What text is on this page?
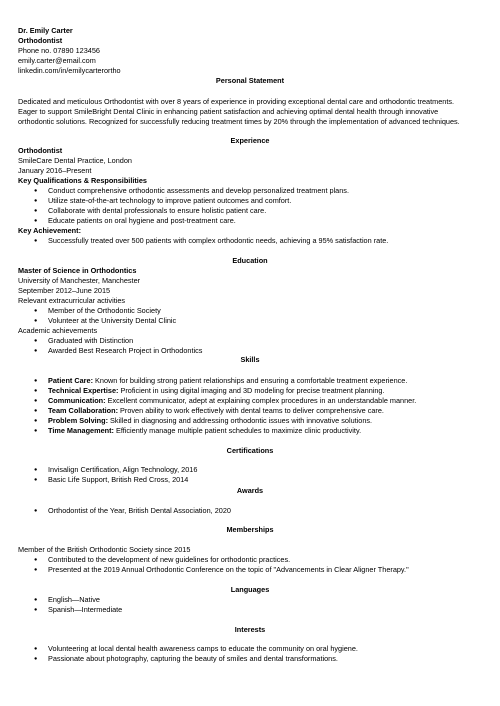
Dr. Emily Carter
Orthodontist
Phone no. 07890 123456
emily.carter@email.com
linkedin.com/in/emilycarterortho
Personal Statement
Dedicated and meticulous Orthodontist with over 8 years of experience in providing exceptional dental care and orthodontic treatments.
Eager to support SmileBright Dental Clinic in enhancing patient satisfaction and achieving optimal dental health through innovative
orthodontic solutions. Recognized for successfully reducing treatment times by 20% through the implementation of advanced techniques.
Experience
Orthodontist
SmileCare Dental Practice, London
January 2016–Present
Key Qualifications & Responsibilities
● Conduct comprehensive orthodontic assessments and develop personalized treatment plans.
● Utilize state-of-the-art technology to improve patient outcomes and comfort.
● Collaborate with dental professionals to ensure holistic patient care.
● Educate patients on oral hygiene and post-treatment care.
Key Achievement:
● Successfully treated over 500 patients with complex orthodontic needs, achieving a 95% satisfaction rate.
Education
Master of Science in Orthodontics
University of Manchester, Manchester
September 2012–June 2015
Relevant extracurricular activities
● Member of the Orthodontic Society
● Volunteer at the University Dental Clinic
Academic achievements
● Graduated with Distinction
● Awarded Best Research Project in Orthodontics
Skills
● Patient Care: Known for building strong patient relationships and ensuring a comfortable treatment experience.
● Technical Expertise: Proficient in using digital imaging and 3D modeling for precise treatment planning.
● Communication: Excellent communicator, adept at explaining complex procedures in an understandable manner.
● Team Collaboration: Proven ability to work effectively with dental teams to deliver comprehensive care.
● Problem Solving: Skilled in diagnosing and addressing orthodontic issues with innovative solutions.
● Time Management: Efficiently manage multiple patient schedules to maximize clinic productivity.
Certifications
● Invisalign Certification, Align Technology, 2016
● Basic Life Support, British Red Cross, 2014
Awards
● Orthodontist of the Year, British Dental Association, 2020
Memberships
Member of the British Orthodontic Society since 2015
● Contributed to the development of new guidelines for orthodontic practices.
● Presented at the 2019 Annual Orthodontic Conference on the topic of "Advancements in Clear Aligner Therapy."
Languages
● English—Native
● Spanish—Intermediate
Interests
● Volunteering at local dental health awareness camps to educate the community on oral hygiene.
● Passionate about photography, capturing the beauty of smiles and dental transformations.
